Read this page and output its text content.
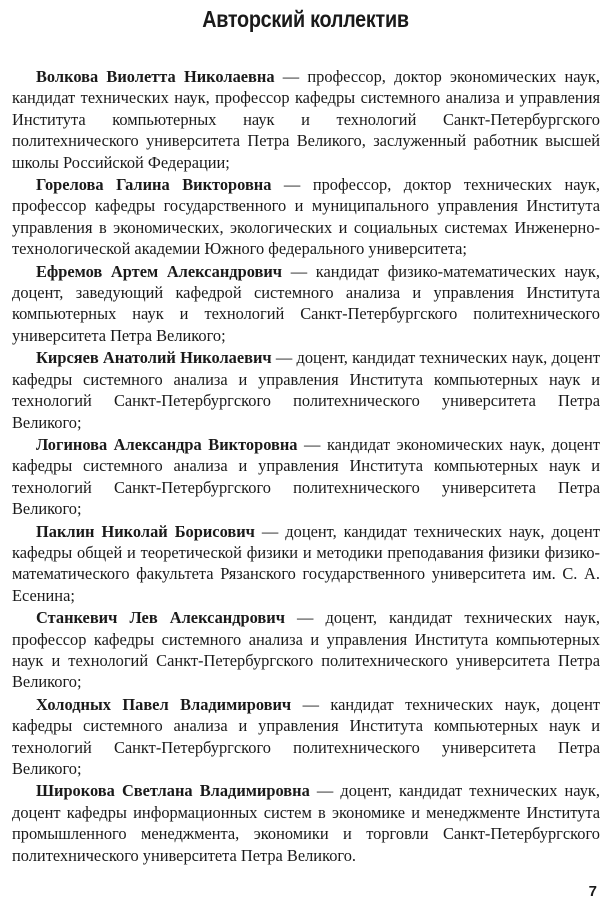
Авторский коллектив

Волкова Виолетта Николаевна — профессор, доктор экономических наук, кандидат технических наук, профессор кафедры системного анализа и управления Института компьютерных наук и технологий Санкт-Петербургского политехнического университета Петра Великого, заслуженный работник высшей школы Российской Федерации;

Горелова Галина Викторовна — профессор, доктор технических наук, профессор кафедры государственного и муниципального управления Института управления в экономических, экологических и социальных системах Инженерно-технологической академии Южного федерального университета;

Ефремов Артем Александрович — кандидат физико-математических наук, доцент, заведующий кафедрой системного анализа и управления Института компьютерных наук и технологий Санкт-Петербургского политехнического университета Петра Великого;

Кирсяев Анатолий Николаевич — доцент, кандидат технических наук, доцент кафедры системного анализа и управления Института компьютерных наук и технологий Санкт-Петербургского политехнического университета Петра Великого;

Логинова Александра Викторовна — кандидат экономических наук, доцент кафедры системного анализа и управления Института компьютерных наук и технологий Санкт-Петербургского политехнического университета Петра Великого;

Паклин Николай Борисович — доцент, кандидат технических наук, доцент кафедры общей и теоретической физики и методики преподавания физики физико-математического факультета Рязанского государственного университета им. С. А. Есенина;

Станкевич Лев Александрович — доцент, кандидат технических наук, профессор кафедры системного анализа и управления Института компьютерных наук и технологий Санкт-Петербургского политехнического университета Петра Великого;

Холодных Павел Владимирович — кандидат технических наук, доцент кафедры системного анализа и управления Института компьютерных наук и технологий Санкт-Петербургского политехнического университета Петра Великого;

Широкова Светлана Владимировна — доцент, кандидат технических наук, доцент кафедры информационных систем в экономике и менеджменте Института промышленного менеджмента, экономики и торговли Санкт-Петербургского политехнического университета Петра Великого.

7
